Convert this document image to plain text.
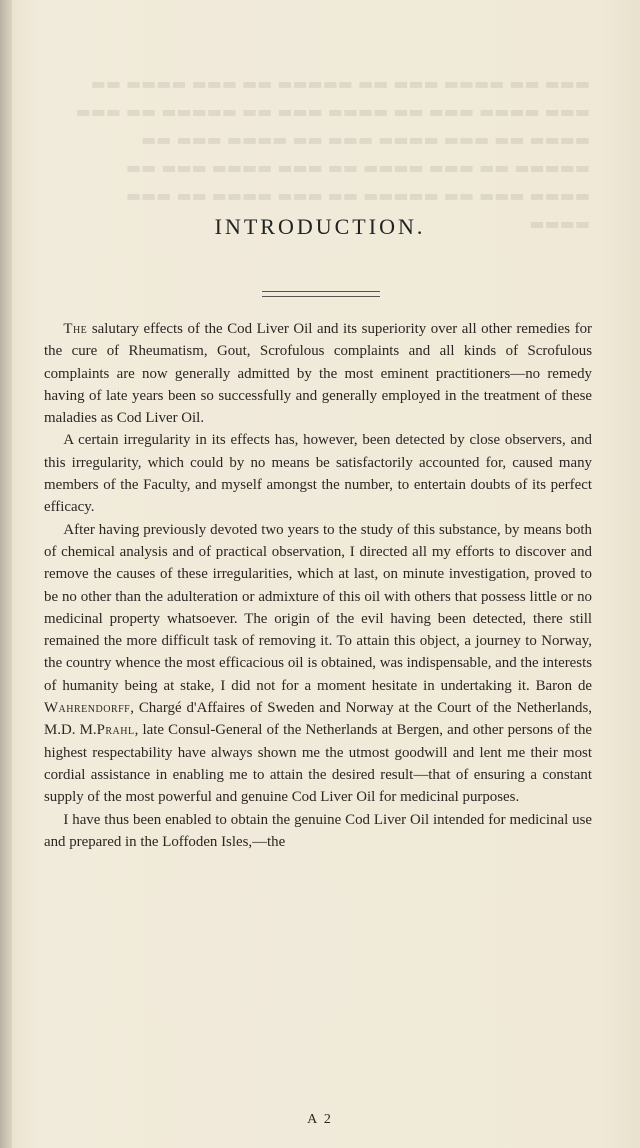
▬▬▬ ▬▬ ▬▬▬▬ ▬▬▬ ▬▬ ▬▬▬▬▬ ▬▬ ▬▬▬ ▬▬▬▬ ▬▬ ▬▬▬ ▬▬▬▬ ▬▬▬ ▬▬ ▬▬▬▬ ▬▬▬ ▬▬ ▬▬▬▬▬ ▬▬ ▬▬▬ ▬▬▬▬ ▬▬ ▬▬▬ ▬▬▬▬ ▬▬▬ ▬▬ ▬▬▬▬ ▬▬▬ ▬▬ ▬▬▬▬▬ ▬▬ ▬▬▬ ▬▬▬▬ ▬▬ ▬▬▬ ▬▬▬▬ ▬▬▬ ▬▬ ▬▬▬▬ ▬▬▬ ▬▬ ▬▬▬▬▬ ▬▬ ▬▬▬ ▬▬▬▬ ▬▬ ▬▬▬ ▬▬▬▬
INTRODUCTION.

The salutary effects of the Cod Liver Oil and its superiority over all other remedies for the cure of Rheumatism, Gout, Scrofulous complaints and all kinds of Scrofulous complaints are now generally admitted by the most eminent practitioners—no remedy having of late years been so successfully and generally employed in the treatment of these maladies as Cod Liver Oil.

A certain irregularity in its effects has, however, been detected by close observers, and this irregularity, which could by no means be satisfactorily accounted for, caused many members of the Faculty, and myself amongst the number, to entertain doubts of its perfect efficacy.

After having previously devoted two years to the study of this substance, by means both of chemical analysis and of practical observation, I directed all my efforts to discover and remove the causes of these irregularities, which at last, on minute investigation, proved to be no other than the adulteration or admixture of this oil with others that possess little or no medicinal property whatsoever. The origin of the evil having been detected, there still remained the more difficult task of removing it. To attain this object, a journey to Norway, the country whence the most efficacious oil is obtained, was indispensable, and the interests of humanity being at stake, I did not for a moment hesitate in undertaking it. Baron de Wahrendorff, Chargé d'Affaires of Sweden and Norway at the Court of the Netherlands, M.D. M.Prahl, late Consul-General of the Netherlands at Bergen, and other persons of the highest respectability have always shown me the utmost goodwill and lent me their most cordial assistance in enabling me to attain the desired result—that of ensuring a constant supply of the most powerful and genuine Cod Liver Oil for medicinal purposes.

I have thus been enabled to obtain the genuine Cod Liver Oil intended for medicinal use and prepared in the Loffoden Isles,—the

A 2
